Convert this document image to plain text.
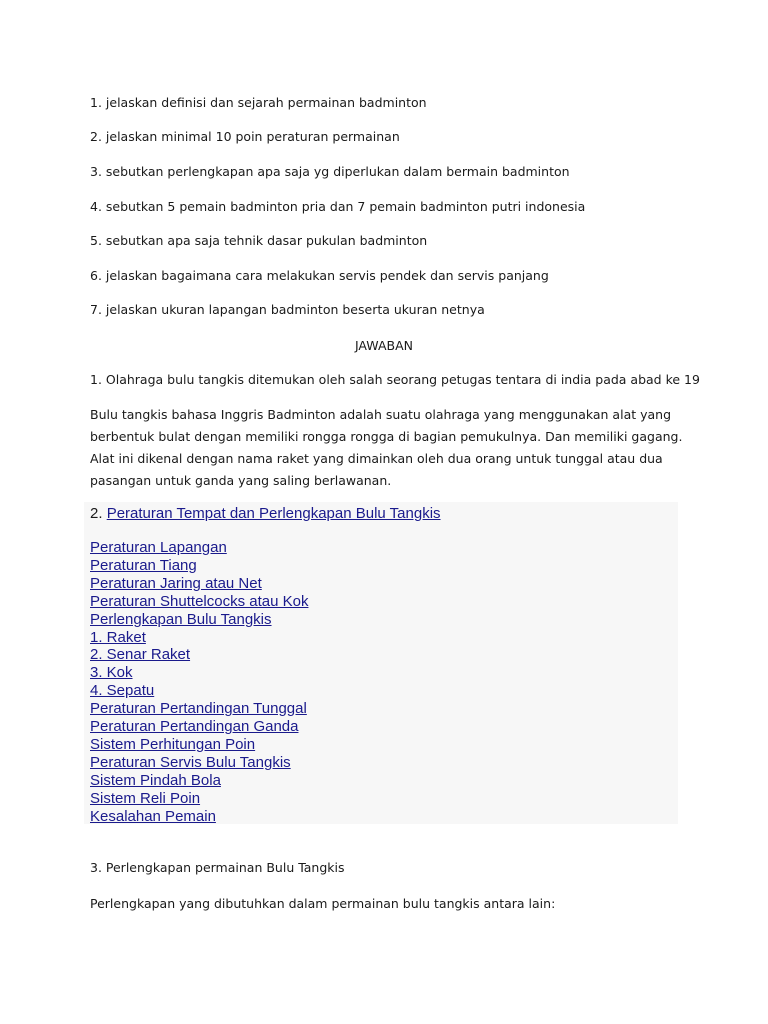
1. jelaskan definisi dan sejarah permainan badminton
2. jelaskan minimal 10 poin peraturan permainan
3. sebutkan perlengkapan apa saja yg diperlukan dalam bermain badminton
4. sebutkan 5 pemain badminton pria dan 7 pemain badminton putri indonesia
5. sebutkan apa saja tehnik dasar pukulan badminton
6. jelaskan bagaimana cara melakukan servis pendek dan servis panjang
7. jelaskan ukuran lapangan badminton beserta ukuran netnya
JAWABAN
1. Olahraga bulu tangkis ditemukan oleh salah seorang petugas tentara di india pada abad ke 19
Bulu tangkis bahasa Inggris Badminton adalah suatu olahraga yang menggunakan alat yang berbentuk bulat dengan memiliki rongga rongga di bagian pemukulnya. Dan memiliki gagang. Alat ini dikenal dengan nama raket yang dimainkan oleh dua orang untuk tunggal atau dua pasangan untuk ganda yang saling berlawanan.
2. Peraturan Tempat dan Perlengkapan Bulu Tangkis
Peraturan Lapangan
Peraturan Tiang
Peraturan Jaring atau Net
Peraturan Shuttelcocks atau Kok
Perlengkapan Bulu Tangkis
1. Raket
2. Senar Raket
3. Kok
4. Sepatu
Peraturan Pertandingan Tunggal
Peraturan Pertandingan Ganda
Sistem Perhitungan Poin
Peraturan Servis Bulu Tangkis
Sistem Pindah Bola
Sistem Reli Poin
Kesalahan Pemain
3. Perlengkapan permainan Bulu Tangkis
Perlengkapan yang dibutuhkan dalam permainan bulu tangkis antara lain:
